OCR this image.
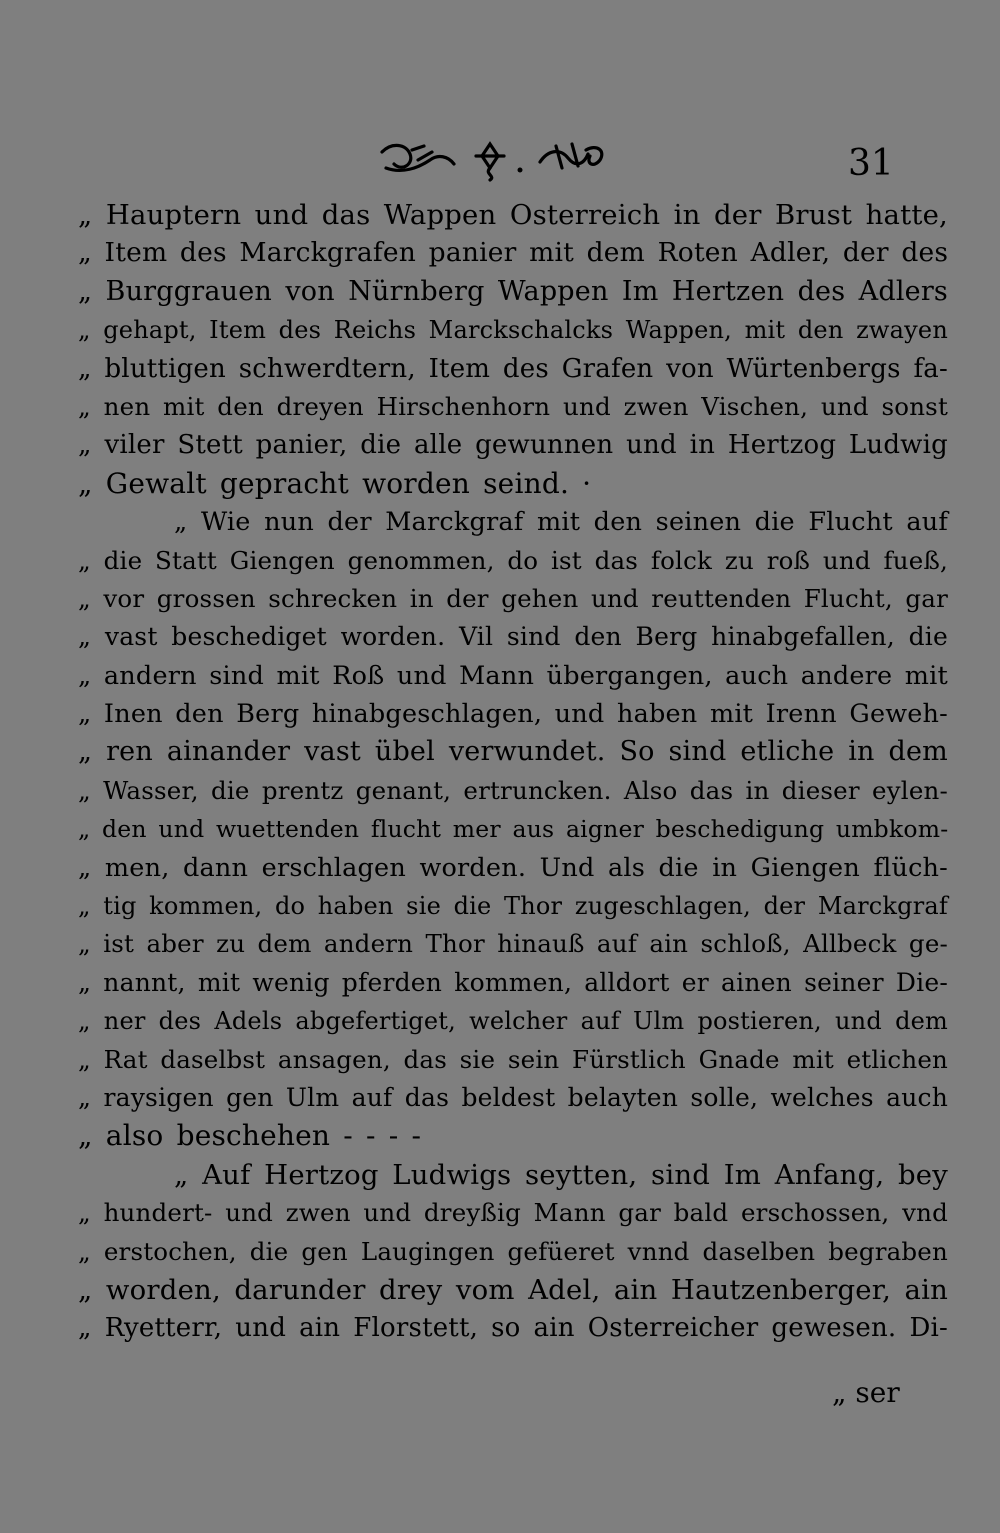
31
„ Hauptern und das Wappen Osterreich in der Brust hatte,
„ Item des Marckgrafen panier mit dem Roten Adler, der des
„ Burggrauen von Nürnberg Wappen Im Hertzen des Adlers
„ gehapt, Item des Reichs Marckschalcks Wappen, mit den zwayen
„ bluttigen schwerdtern, Item des Grafen von Würtenbergs fa-
„ nen mit den dreyen Hirschenhorn und zwen Vischen, und sonst
„ viler Stett panier, die alle gewunnen und in Hertzog Ludwig
„ Gewalt gepracht worden seind. ·
„ Wie nun der Marckgraf mit den seinen die Flucht auf
„ die Statt Giengen genommen, do ist das folck zu roß und fueß,
„ vor grossen schrecken in der gehen und reuttenden Flucht, gar
„ vast beschediget worden. Vil sind den Berg hinabgefallen, die
„ andern sind mit Roß und Mann übergangen, auch andere mit
„ Inen den Berg hinabgeschlagen, und haben mit Irenn Geweh-
„ ren ainander vast übel verwundet. So sind etliche in dem
„ Wasser, die prentz genant, ertruncken. Also das in dieser eylen-
„ den und wuettenden flucht mer aus aigner beschedigung umbkom-
„ men, dann erschlagen worden. Und als die in Giengen flüch-
„ tig kommen, do haben sie die Thor zugeschlagen, der Marckgraf
„ ist aber zu dem andern Thor hinauß auf ain schloß, Allbeck ge-
„ nannt, mit wenig pferden kommen, alldort er ainen seiner Die-
„ ner des Adels abgefertiget, welcher auf Ulm postieren, und dem
„ Rat daselbst ansagen, das sie sein Fürstlich Gnade mit etlichen
„ raysigen gen Ulm auf das beldest belayten solle, welches auch
„ also beschehen - - - -
„ Auf Hertzog Ludwigs seytten, sind Im Anfang, bey
„ hundert- und zwen und dreyßig Mann gar bald erschossen, vnd
„ erstochen, die gen Laugingen gefüeret vnnd daselben begraben
„ worden, darunder drey vom Adel, ain Hautzenberger, ain
„ Ryetterr, und ain Florstett, so ain Osterreicher gewesen. Di-
„ ser
